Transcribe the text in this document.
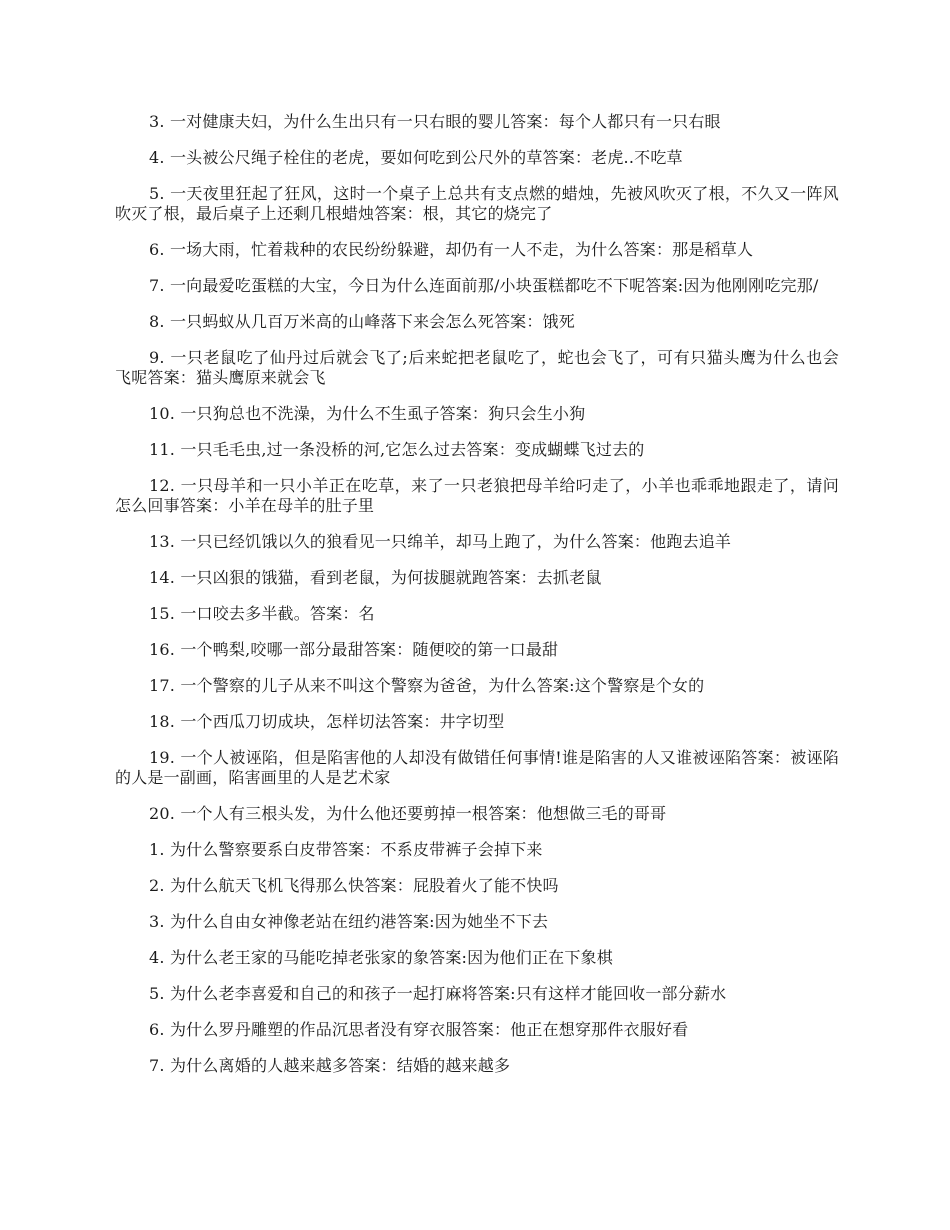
3. 一对健康夫妇，为什么生出只有一只右眼的婴儿答案：每个人都只有一只右眼

4. 一头被公尺绳子栓住的老虎，要如何吃到公尺外的草答案：老虎..不吃草

5. 一天夜里狂起了狂风，这时一个桌子上总共有支点燃的蜡烛，先被风吹灭了根，不久又一阵风吹灭了根，最后桌子上还剩几根蜡烛答案：根，其它的烧完了

6. 一场大雨，忙着栽种的农民纷纷躲避，却仍有一人不走，为什么答案：那是稻草人

7. 一向最爱吃蛋糕的大宝，今日为什么连面前那/小块蛋糕都吃不下呢答案:因为他刚刚吃完那/

8. 一只蚂蚁从几百万米高的山峰落下来会怎么死答案：饿死

9. 一只老鼠吃了仙丹过后就会飞了;后来蛇把老鼠吃了，蛇也会飞了，可有只猫头鹰为什么也会飞呢答案：猫头鹰原来就会飞

10. 一只狗总也不洗澡，为什么不生虱子答案：狗只会生小狗

11. 一只毛毛虫,过一条没桥的河,它怎么过去答案：变成蝴蝶飞过去的

12. 一只母羊和一只小羊正在吃草，来了一只老狼把母羊给叼走了，小羊也乖乖地跟走了，请问怎么回事答案：小羊在母羊的肚子里

13. 一只已经饥饿以久的狼看见一只绵羊，却马上跑了，为什么答案：他跑去追羊

14. 一只凶狠的饿猫，看到老鼠，为何拔腿就跑答案：去抓老鼠

15. 一口咬去多半截。答案：名

16. 一个鸭梨,咬哪一部分最甜答案：随便咬的第一口最甜

17. 一个警察的儿子从来不叫这个警察为爸爸，为什么答案:这个警察是个女的

18. 一个西瓜刀切成块，怎样切法答案：井字切型

19. 一个人被诬陷，但是陷害他的人却没有做错任何事情!谁是陷害的人又谁被诬陷答案：被诬陷的人是一副画，陷害画里的人是艺术家

20. 一个人有三根头发，为什么他还要剪掉一根答案：他想做三毛的哥哥

1. 为什么警察要系白皮带答案：不系皮带裤子会掉下来

2. 为什么航天飞机飞得那么快答案：屁股着火了能不快吗

3. 为什么自由女神像老站在纽约港答案:因为她坐不下去

4. 为什么老王家的马能吃掉老张家的象答案:因为他们正在下象棋

5. 为什么老李喜爱和自己的和孩子一起打麻将答案:只有这样才能回收一部分薪水

6. 为什么罗丹雕塑的作品沉思者没有穿衣服答案：他正在想穿那件衣服好看

7. 为什么离婚的人越来越多答案：结婚的越来越多
